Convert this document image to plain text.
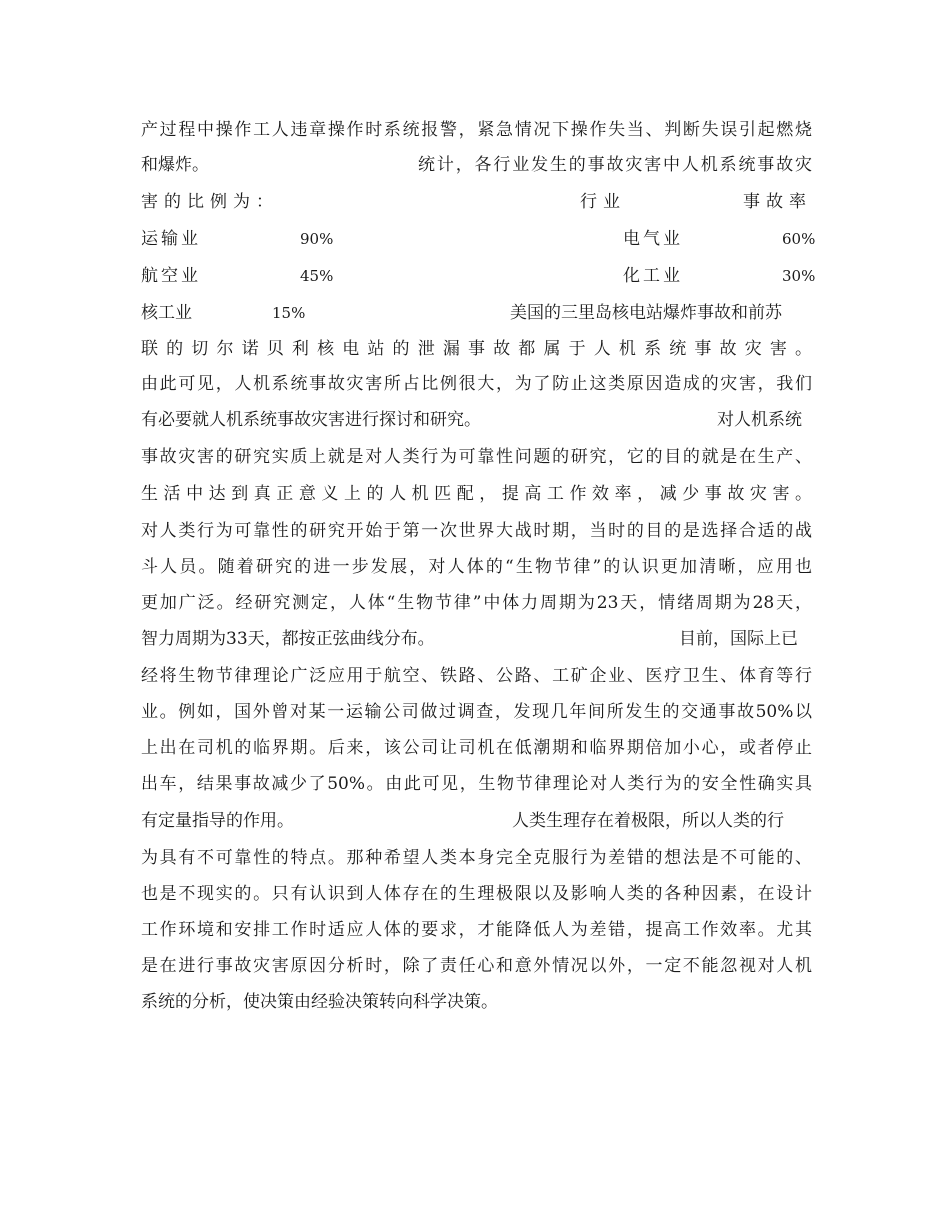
产过程中操作工人违章操作时系统报警，紧急情况下操作失当、判断失误引起燃烧
和爆炸。	统计，各行业发生的事故灾害中人机系统事故灾
害的比例为：	行业	事故率
运输业	90%	电气业	60%
航空业	45%	化工业	30%
核工业	15%	美国的三里岛核电站爆炸事故和前苏
联的切尔诺贝利核电站的泄漏事故都属于人机系统事故灾害。
由此可见，人机系统事故灾害所占比例很大，为了防止这类原因造成的灾害，我们
有必要就人机系统事故灾害进行探讨和研究。	对人机系统
事故灾害的研究实质上就是对人类行为可靠性问题的研究，它的目的就是在生产、
生活中达到真正意义上的人机匹配，提高工作效率，减少事故灾害。
对人类行为可靠性的研究开始于第一次世界大战时期，当时的目的是选择合适的战
斗人员。随着研究的进一步发展，对人体的“生物节律”的认识更加清晰，应用也
更加广泛。经研究测定，人体“生物节律”中体力周期为23天，情绪周期为28天，
智力周期为33天，都按正弦曲线分布。	目前，国际上已
经将生物节律理论广泛应用于航空、铁路、公路、工矿企业、医疗卫生、体育等行
业。例如，国外曾对某一运输公司做过调查，发现几年间所发生的交通事故50%以
上出在司机的临界期。后来，该公司让司机在低潮期和临界期倍加小心，或者停止
出车，结果事故减少了50%。由此可见，生物节律理论对人类行为的安全性确实具
有定量指导的作用。	人类生理存在着极限，所以人类的行
为具有不可靠性的特点。那种希望人类本身完全克服行为差错的想法是不可能的、
也是不现实的。只有认识到人体存在的生理极限以及影响人类的各种因素，在设计
工作环境和安排工作时适应人体的要求，才能降低人为差错，提高工作效率。尤其
是在进行事故灾害原因分析时，除了责任心和意外情况以外，一定不能忽视对人机
系统的分析，使决策由经验决策转向科学决策。
